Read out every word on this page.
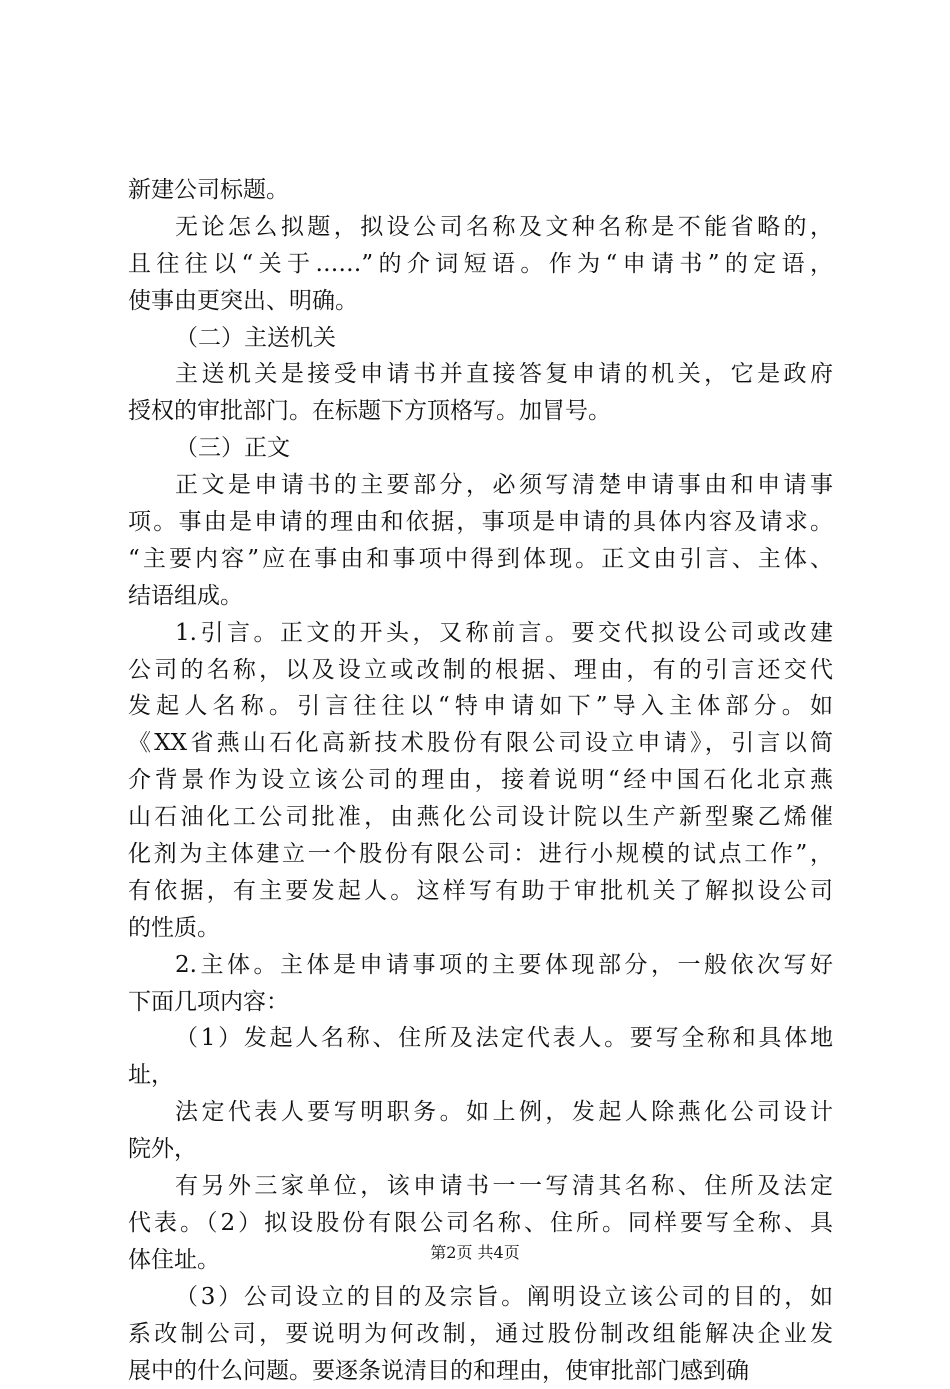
新建公司标题。
无论怎么拟题，拟设公司名称及文种名称是不能省略的，
且往往以“关于……”的介词短语。作为“申请书”的定语，
使事由更突出、明确。
（二）主送机关
主送机关是接受申请书并直接答复申请的机关，它是政府
授权的审批部门。在标题下方顶格写。加冒号。
（三）正文
正文是申请书的主要部分，必须写清楚申请事由和申请事
项。事由是申请的理由和依据，事项是申请的具体内容及请求。
“主要内容”应在事由和事项中得到体现。正文由引言、主体、
结语组成。
1.引言。正文的开头，又称前言。要交代拟设公司或改建
公司的名称，以及设立或改制的根据、理由，有的引言还交代
发起人名称。引言往往以“特申请如下”导入主体部分。如
《XX省燕山石化高新技术股份有限公司设立申请》，引言以简
介背景作为设立该公司的理由，接着说明“经中国石化北京燕
山石油化工公司批准，由燕化公司设计院以生产新型聚乙烯催
化剂为主体建立一个股份有限公司：进行小规模的试点工作”，
有依据，有主要发起人。这样写有助于审批机关了解拟设公司
的性质。
2.主体。主体是申请事项的主要体现部分，一般依次写好
下面几项内容：
（1）发起人名称、住所及法定代表人。要写全称和具体地
址，
法定代表人要写明职务。如上例，发起人除燕化公司设计
院外，
有另外三家单位，该申请书一一写清其名称、住所及法定
代表。（2）拟设股份有限公司名称、住所。同样要写全称、具
体住址。
（3）公司设立的目的及宗旨。阐明设立该公司的目的，如
系改制公司，要说明为何改制，通过股份制改组能解决企业发
展中的什么问题。要逐条说清目的和理由，使审批部门感到确
第2页 共4页
